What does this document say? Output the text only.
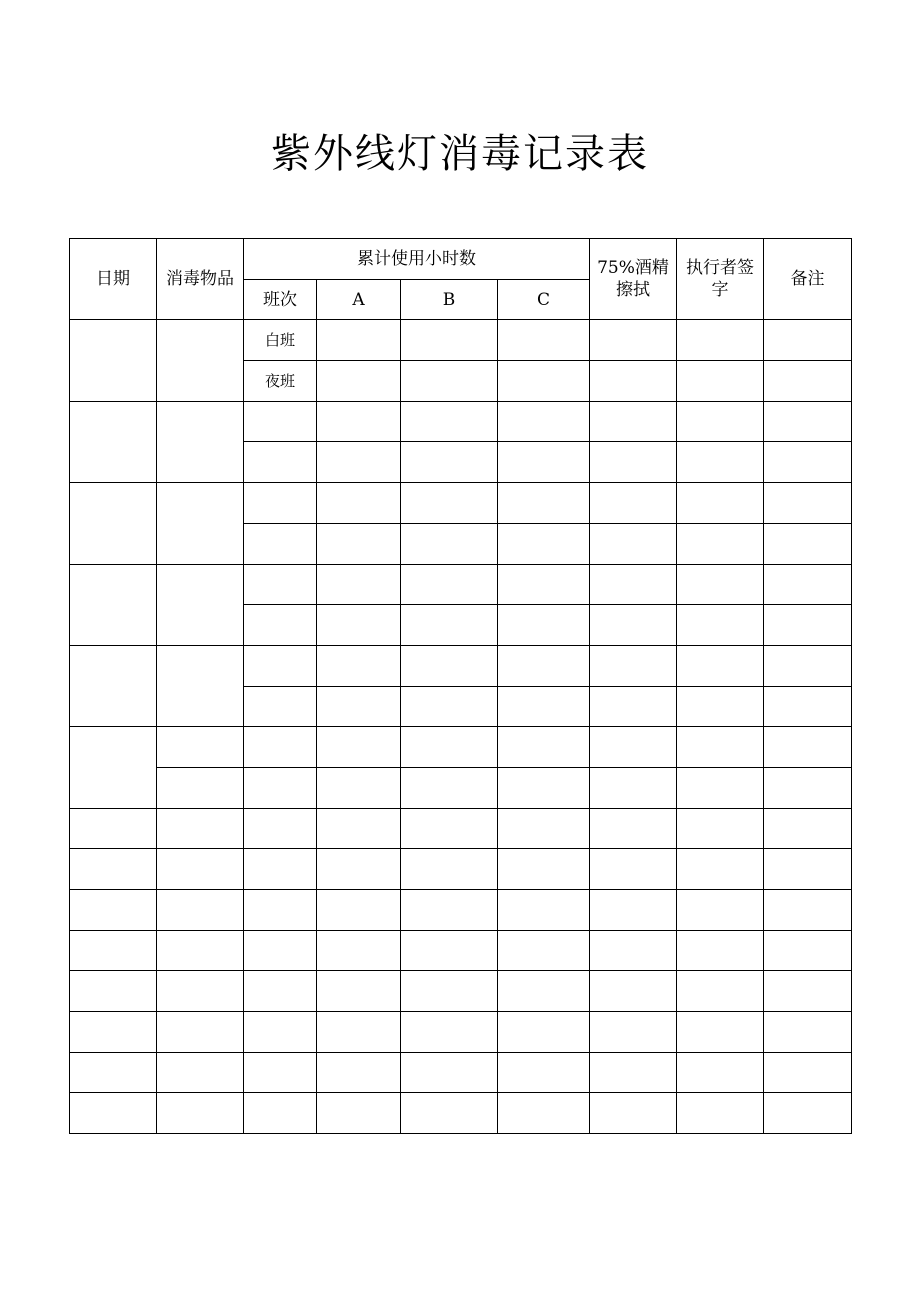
紫外线灯消毒记录表
日期	消毒物品	累计使用小时数				75%酒精擦拭	执行者签字	备注
		班次	A	B	C			
		白班						
		夜班						
